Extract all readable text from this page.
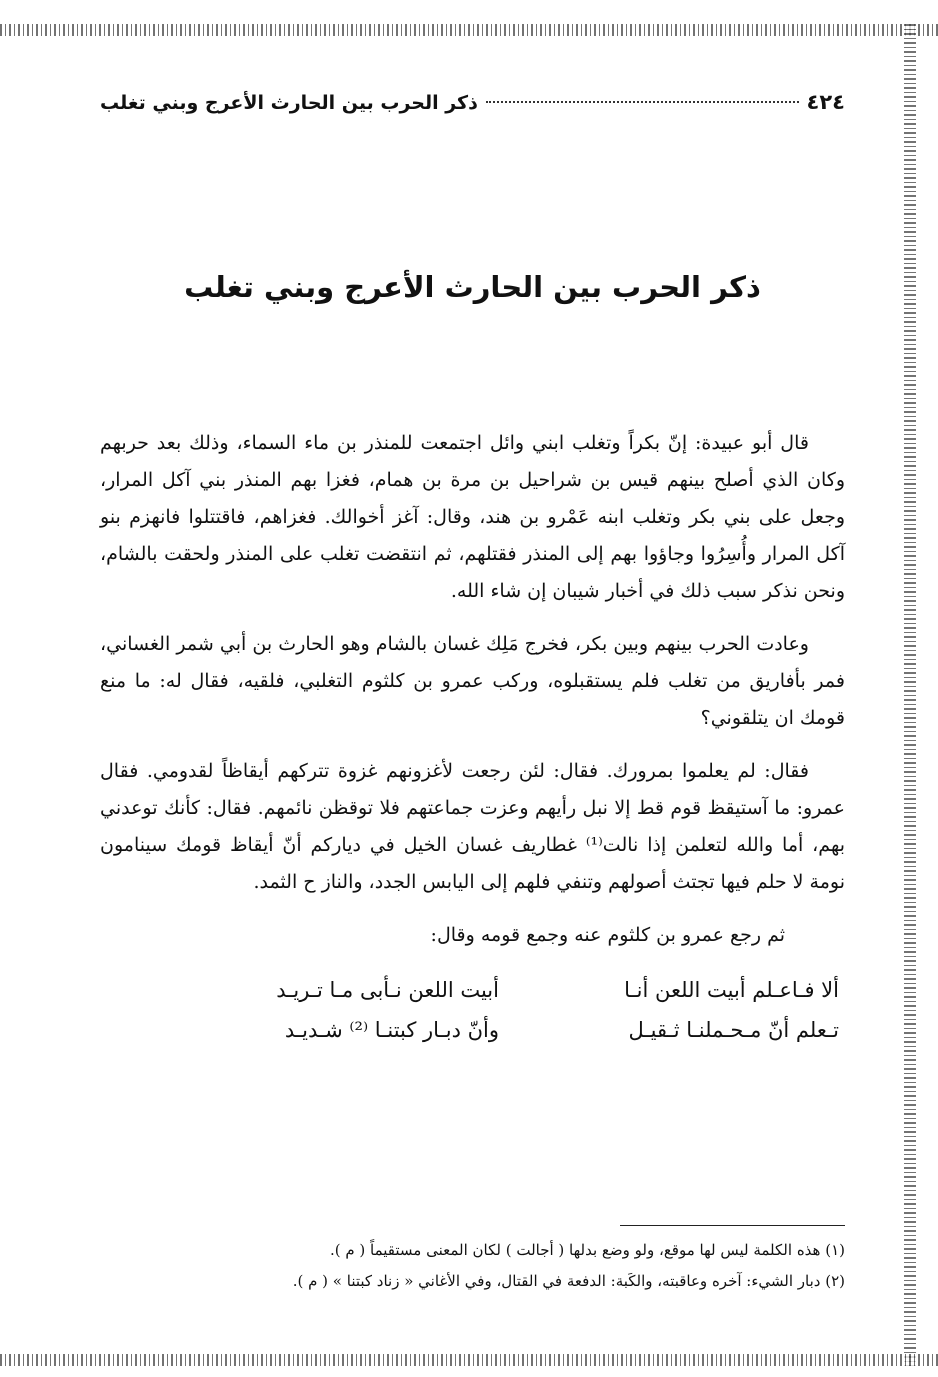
٤٢٤
ذكر الحرب بين الحارث الأعرج وبني تغلب
ذكر الحرب بين الحارث الأعرج وبني تغلب

قال أبو عبيدة: إنّ بكراً وتغلب ابني وائل اجتمعت للمنذر بن ماء السماء، وذلك بعد حربهم وكان الذي أصلح بينهم قيس بن شراحيل بن مرة بن همام، فغزا بهم المنذر بني آكل المرار، وجعل على بني بكر وتغلب ابنه عَمْرو بن هند، وقال: آغز أخوالك. فغزاهم، فاقتتلوا فانهزم بنو آكل المرار وأُسِرُوا وجاؤوا بهم إلى المنذر فقتلهم، ثم انتقضت تغلب على المنذر ولحقت بالشام، ونحن نذكر سبب ذلك في أخبار شيبان إن شاء الله.

وعادت الحرب بينهم وبين بكر، فخرج مَلِك غسان بالشام وهو الحارث بن أبي شمر الغساني، فمر بأفاريق من تغلب فلم يستقبلوه، وركب عمرو بن كلثوم التغلبي، فلقيه، فقال له: ما منع قومك ان يتلقوني؟

فقال: لم يعلموا بمرورك. فقال: لئن رجعت لأغزونهم غزوة تتركهم أيقاظاً لقدومي. فقال عمرو: ما آستيقظ قوم قط إلا نبل رأيهم وعزت جماعتهم فلا توقظن نائمهم. فقال: كأنك توعدني بهم، أما والله لتعلمن إذا نالت⁽¹⁾ غطاريف غسان الخيل في دياركم أنّ أيقاظ قومك سينامون نومة لا حلم فيها تجتث أصولهم وتنفي فلهم إلى اليابس الجدد، والناز ح الثمد.

ثم رجع عمرو بن كلثوم عنه وجمع قومه وقال:

ألا فـاعـلم أبيت اللعن أنـا
أبيت اللعن نـأبى مـا تـريـد
تـعلم أنّ مـحـملنـا ثـقيـل
وأنّ دبـار كبتنـا ⁽²⁾ شـديـد
(١) هذه الكلمة ليس لها موقع، ولو وضع بدلها ( أجالت ) لكان المعنى مستقيماً ( م ).
(٢) دبار الشيء: آخره وعاقبته، والكَبة: الدفعة في القتال، وفي الأغاني « زناد كبتنا » ( م ).
